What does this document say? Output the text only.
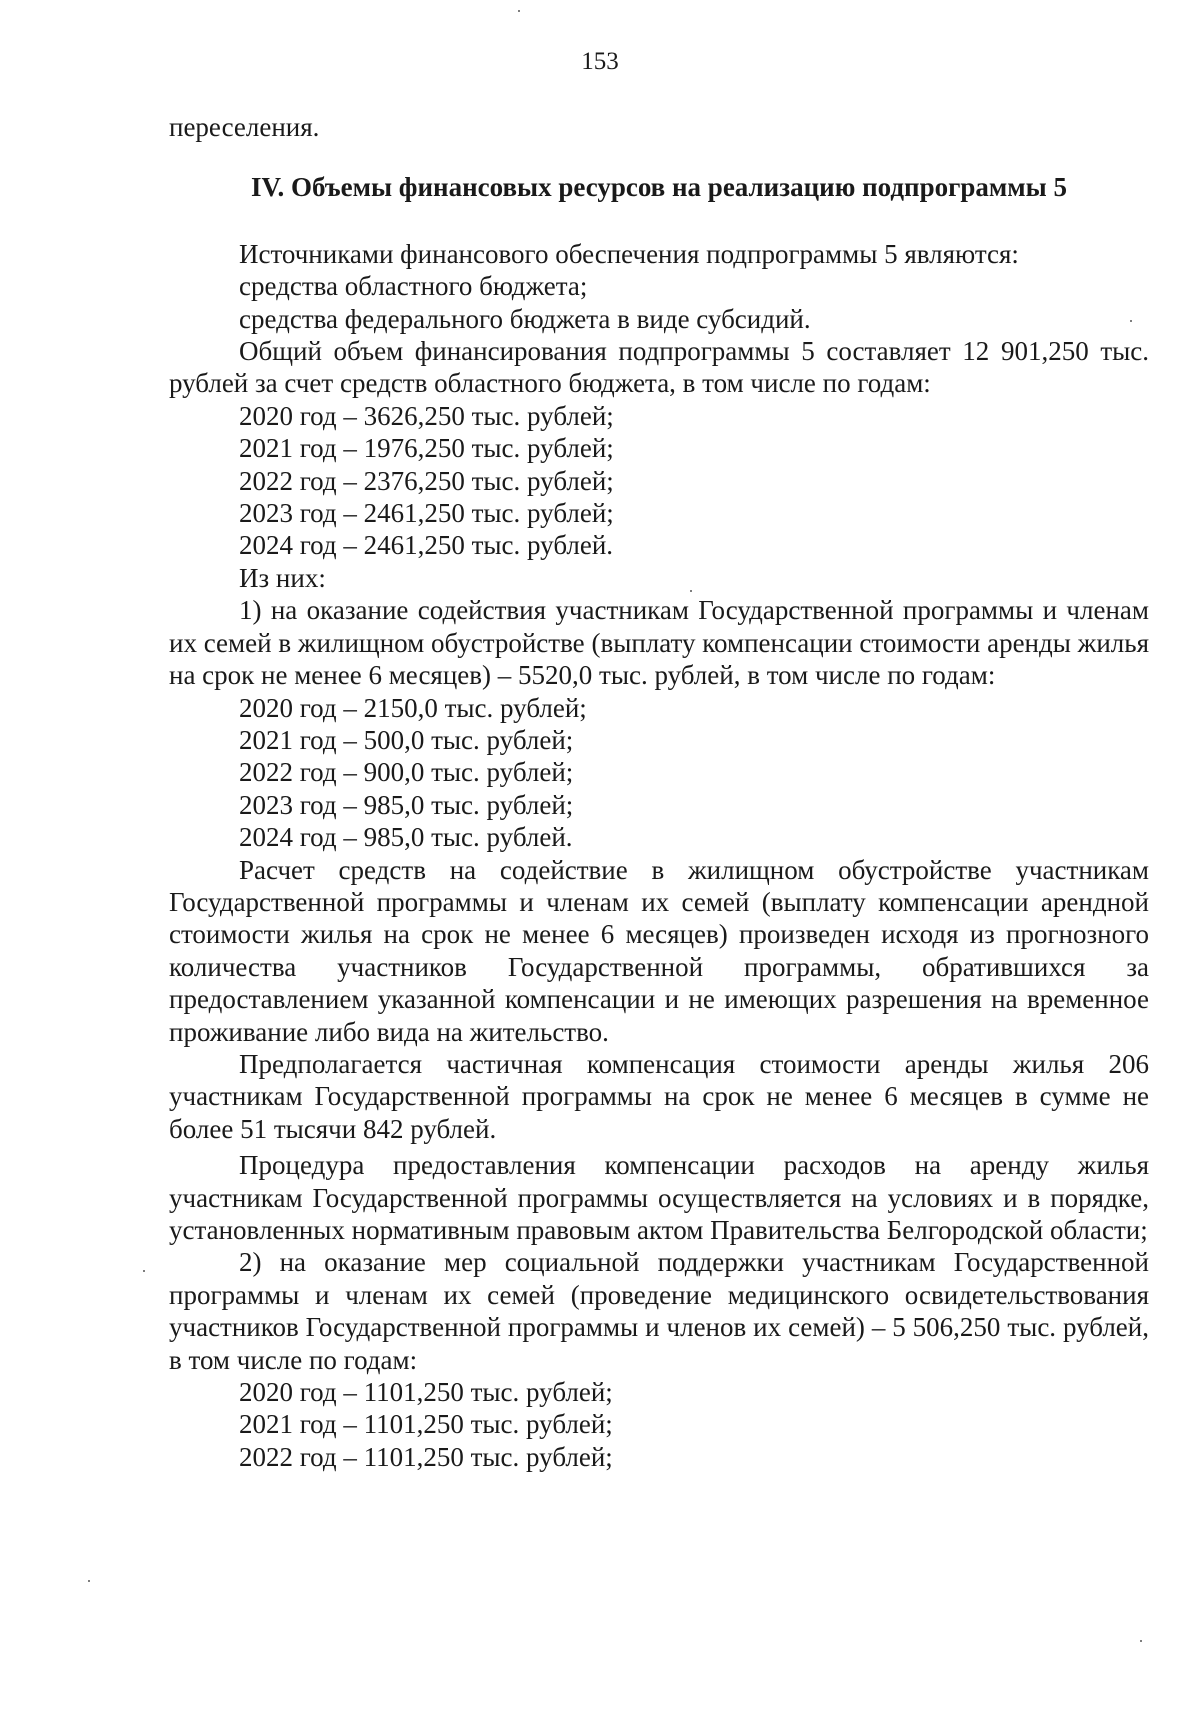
153

переселения.

IV. Объемы финансовых ресурсов на реализацию подпрограммы 5

Источниками финансового обеспечения подпрограммы 5 являются:

средства областного бюджета;

средства федерального бюджета в виде субсидий.

Общий объем финансирования подпрограммы 5 составляет 12 901,250 тыс. рублей за счет средств областного бюджета, в том числе по годам:

2020 год – 3626,250 тыс. рублей;

2021 год – 1976,250 тыс. рублей;

2022 год – 2376,250 тыс. рублей;

2023 год – 2461,250 тыс. рублей;

2024 год – 2461,250 тыс. рублей.

Из них:

1) на оказание содействия участникам Государственной программы и членам их семей в жилищном обустройстве (выплату компенсации стоимости аренды жилья на срок не менее 6 месяцев) – 5520,0 тыс. рублей, в том числе по годам:

2020 год – 2150,0 тыс. рублей;

2021 год – 500,0 тыс. рублей;

2022 год – 900,0 тыс. рублей;

2023 год – 985,0 тыс. рублей;

2024 год – 985,0 тыс. рублей.

Расчет средств на содействие в жилищном обустройстве участникам Государственной программы и членам их семей (выплату компенсации арендной стоимости жилья на срок не менее 6 месяцев) произведен исходя из прогнозного количества участников Государственной программы, обратившихся за предоставлением указанной компенсации и не имеющих разрешения на временное проживание либо вида на жительство.

Предполагается частичная компенсация стоимости аренды жилья 206 участникам Государственной программы на срок не менее 6 месяцев в сумме не более 51 тысячи 842 рублей.

Процедура предоставления компенсации расходов на аренду жилья участникам Государственной программы осуществляется на условиях и в порядке, установленных нормативным правовым актом Правительства Белгородской области;

2) на оказание мер социальной поддержки участникам Государственной программы и членам их семей (проведение медицинского освидетельствования участников Государственной программы и членов их семей) – 5 506,250 тыс. рублей, в том числе по годам:

2020 год – 1101,250 тыс. рублей;

2021 год – 1101,250 тыс. рублей;

2022 год – 1101,250 тыс. рублей;
